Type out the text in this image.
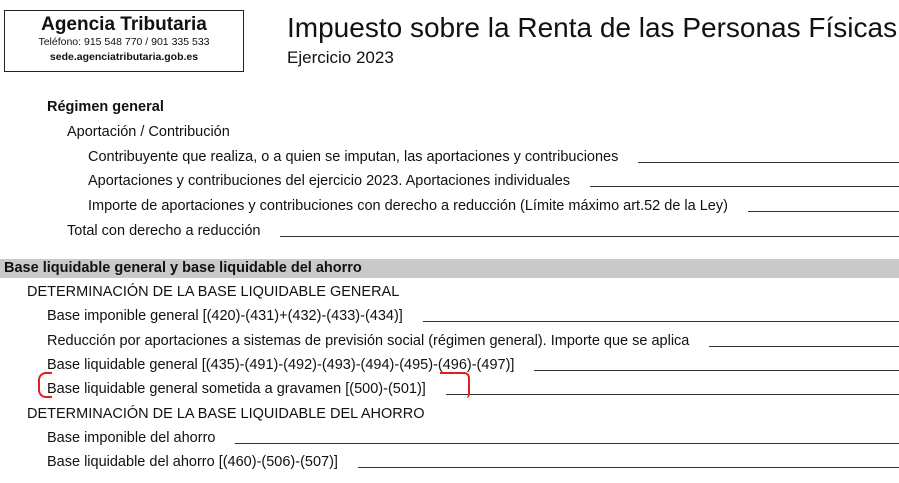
Agencia Tributaria
Teléfono: 915 548 770 / 901 335 533
sede.agenciatributaria.gob.es
Impuesto sobre la Renta de las Personas Físicas
Ejercicio 2023
Régimen general
Aportación / Contribución
Contribuyente que realiza, o a quien se imputan, las aportaciones y contribuciones
Aportaciones y contribuciones del ejercicio 2023. Aportaciones individuales
Importe de aportaciones y contribuciones con derecho a reducción (Límite máximo art.52 de la Ley)
Total con derecho a reducción
Base liquidable general y base liquidable del ahorro
DETERMINACIÓN DE LA BASE LIQUIDABLE GENERAL
Base imponible general [(420)-(431)+(432)-(433)-(434)]
Reducción por aportaciones a sistemas de previsión social (régimen general). Importe que se aplica
Base liquidable general [(435)-(491)-(492)-(493)-(494)-(495)-(496)-(497)]
Base liquidable general sometida a gravamen [(500)-(501)]
DETERMINACIÓN DE LA BASE LIQUIDABLE DEL AHORRO
Base imponible del ahorro
Base liquidable del ahorro [(460)-(506)-(507)]
